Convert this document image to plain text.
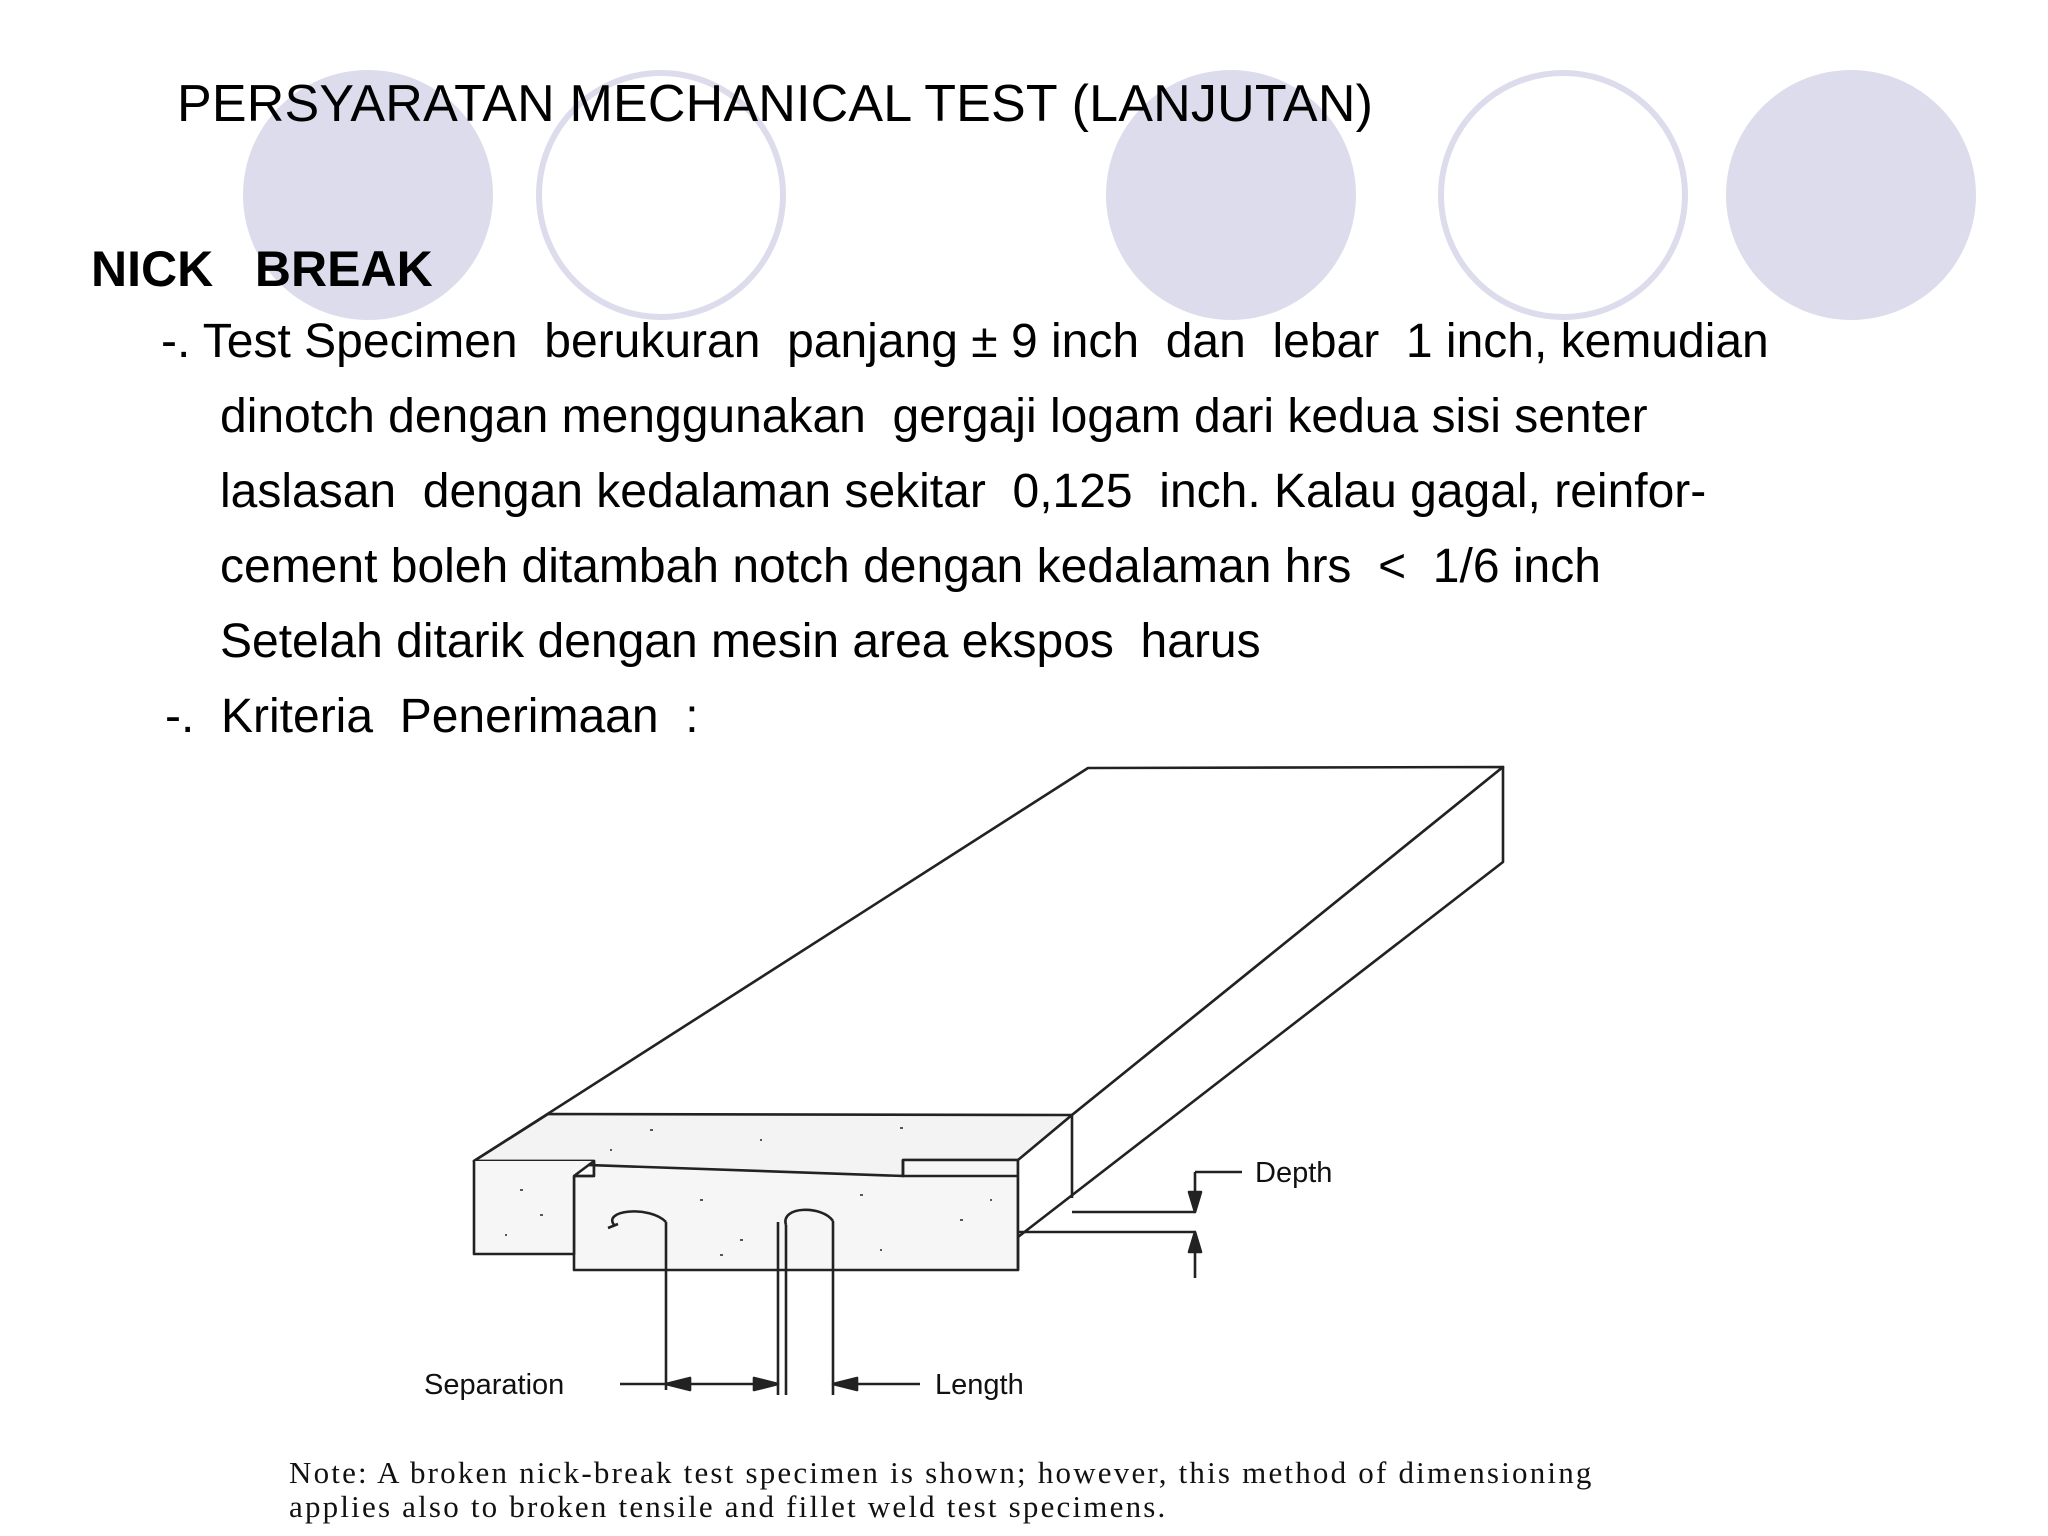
PERSYARATAN MECHANICAL TEST (LANJUTAN)
NICK   BREAK
-. Test Specimen  berukuran  panjang ± 9 inch  dan  lebar  1 inch, kemudian
dinotch dengan menggunakan  gergaji logam dari kedua sisi senter
laslasan  dengan kedalaman sekitar  0,125  inch. Kalau gagal, reinfor-
cement boleh ditambah notch dengan kedalaman hrs  <  1/6 inch
Setelah ditarik dengan mesin area ekspos  harus
-. Kriteria  Penerimaan  :
Depth
Separation	Length
Note: A broken nick-break test specimen is shown; however, this method of dimensioning
applies also to broken tensile and fillet weld test specimens.
